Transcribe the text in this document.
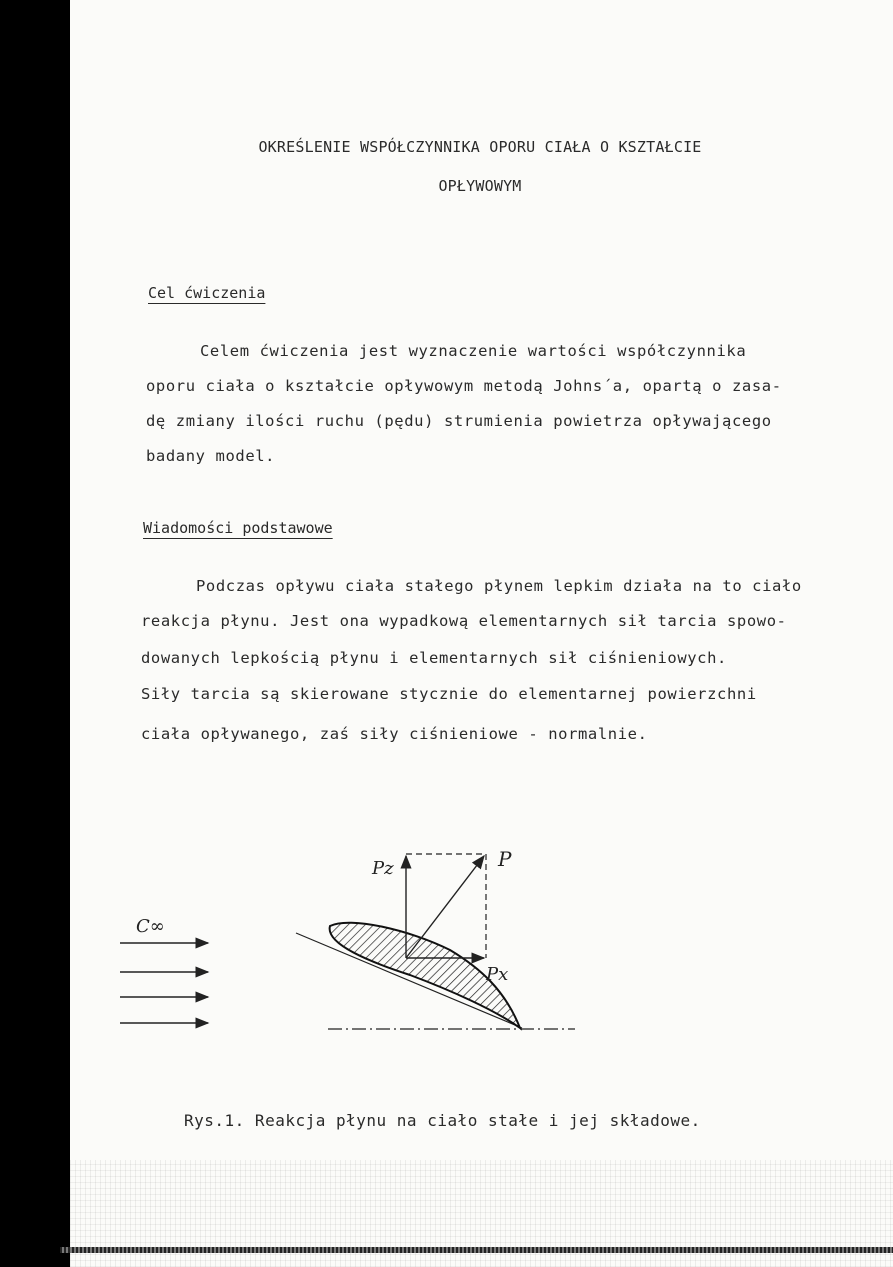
OKREŚLENIE WSPÓŁCZYNNIKA OPORU CIAŁA O KSZTAŁCIE
OPŁYWOWYM
Cel ćwiczenia
Celem ćwiczenia jest wyznaczenie wartości współczynnika
oporu ciała o kształcie opływowym metodą Johns´a, opartą o zasa-
dę zmiany ilości ruchu (pędu) strumienia powietrza opływającego
badany model.
Wiadomości podstawowe
Podczas opływu ciała stałego płynem lepkim działa na to ciało
reakcja płynu. Jest ona wypadkową elementarnych sił tarcia spowo-
dowanych lepkością płynu i elementarnych sił ciśnieniowych.
Siły tarcia są skierowane stycznie do elementarnej powierzchni
ciała opływanego, zaś siły ciśnieniowe - normalnie.
C∞
P
Pz
Px
Rys.1. Reakcja płynu na ciało stałe i jej składowe.
